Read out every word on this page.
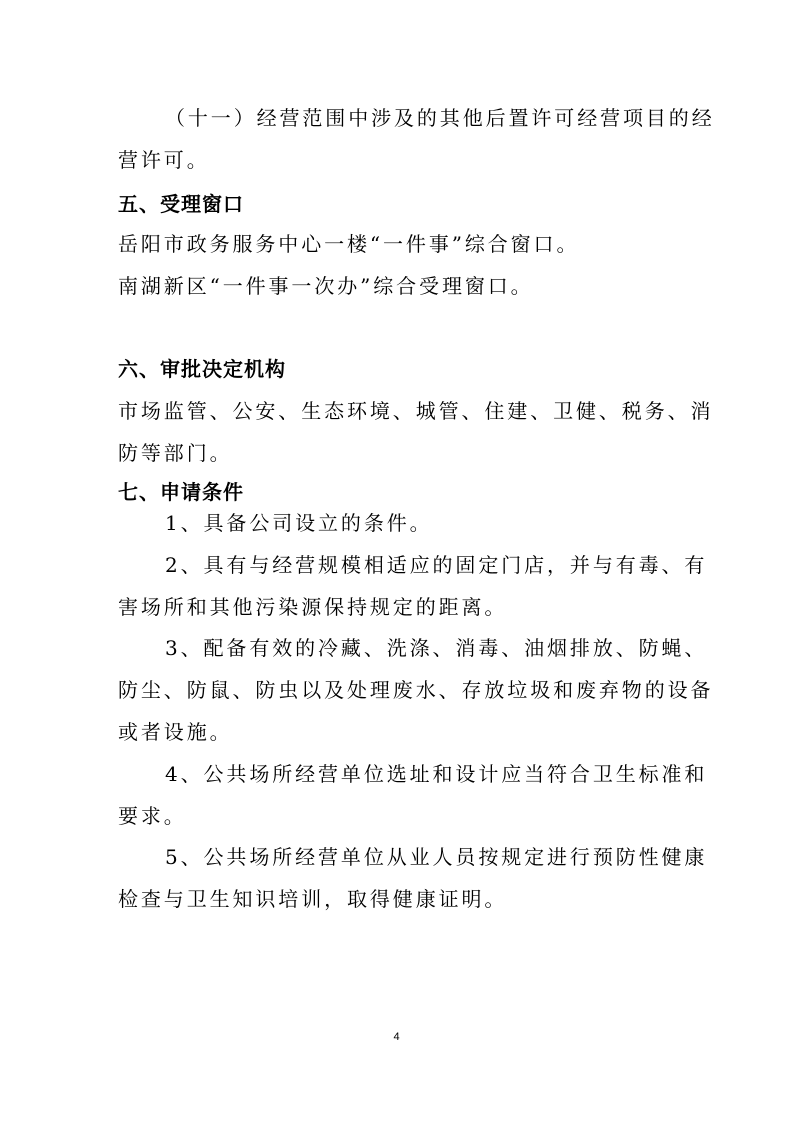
（十一）经营范围中涉及的其他后置许可经营项目的经
营许可。
五、受理窗口
岳阳市政务服务中心一楼“一件事”综合窗口。
南湖新区“一件事一次办”综合受理窗口。
六、审批决定机构
市场监管、公安、生态环境、城管、住建、卫健、税务、消
防等部门。
七、申请条件
1、具备公司设立的条件。
2、具有与经营规模相适应的固定门店，并与有毒、有
害场所和其他污染源保持规定的距离。
3、配备有效的冷藏、洗涤、消毒、油烟排放、防蝇、
防尘、防鼠、防虫以及处理废水、存放垃圾和废弃物的设备
或者设施。
4、公共场所经营单位选址和设计应当符合卫生标准和
要求。
5、公共场所经营单位从业人员按规定进行预防性健康
检查与卫生知识培训，取得健康证明。
4
